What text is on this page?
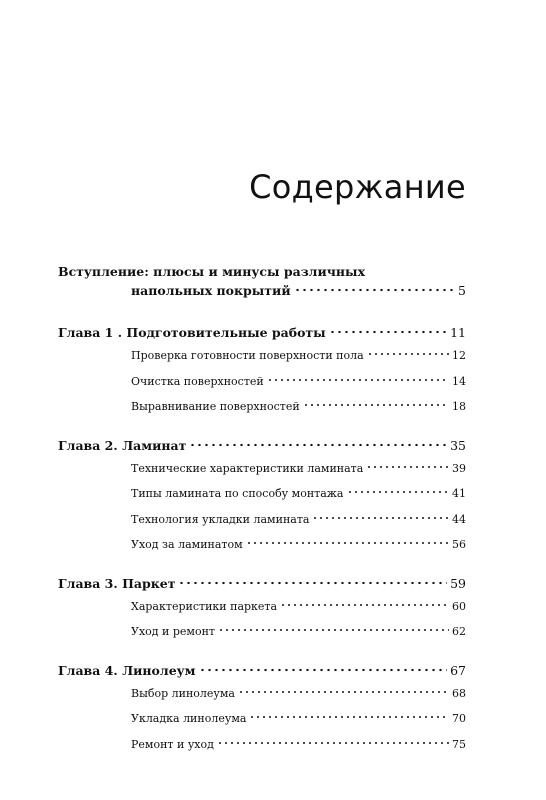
Содержание
Вступление: плюсы и минусы различных
напольных покрытий	5
Глава 1 . Подготовительные работы	11
Проверка готовности поверхности пола	12
Очистка поверхностей	14
Выравнивание поверхностей	18
Глава 2. Ламинат	35
Технические характеристики ламината	39
Типы ламината по способу монтажа	41
Технология укладки ламината	44
Уход за ламинатом	56
Глава 3. Паркет	59
Характеристики паркета	60
Уход и ремонт	62
Глава 4. Линолеум	67
Выбор линолеума	68
Укладка линолеума	70
Ремонт и уход	75
